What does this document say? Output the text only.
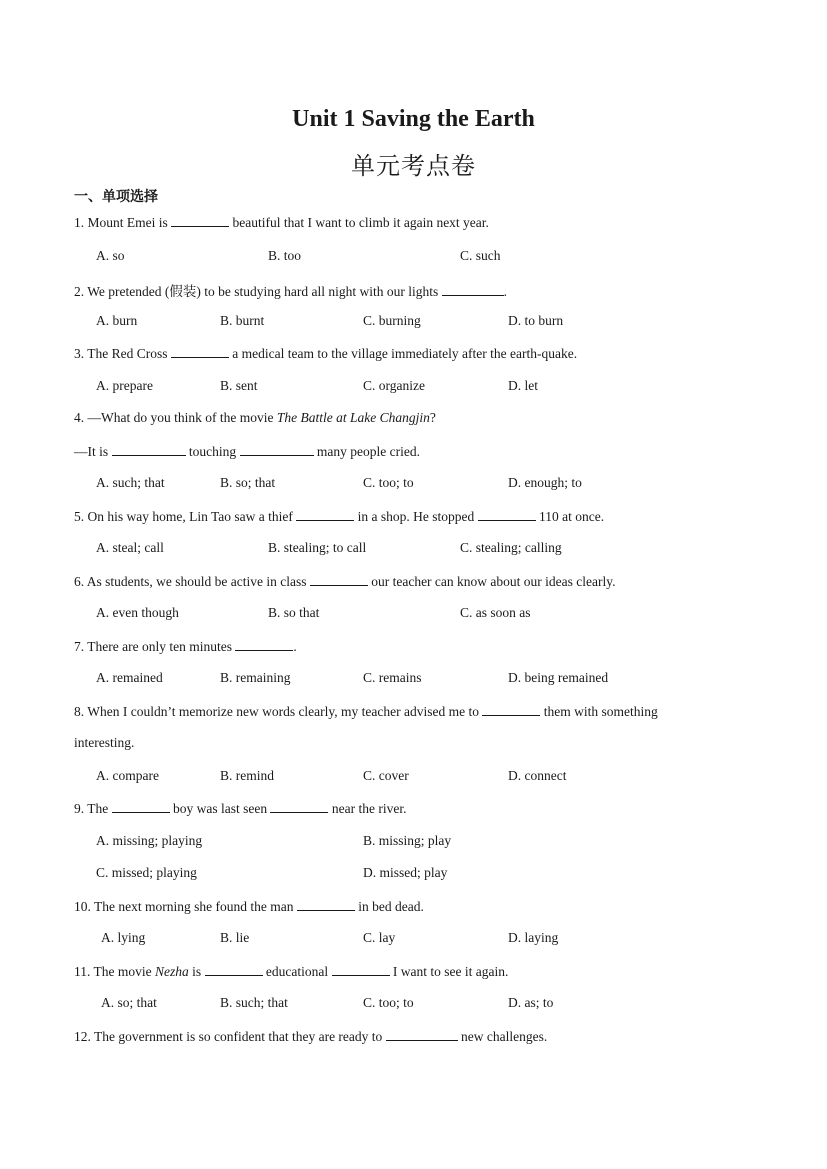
Unit 1 Saving the Earth
单元考点卷
一、单项选择
1. Mount Emei is	beautiful that I want to climb it again next year.
A. so	B. too	C. such
2. We pretended (假装) to be studying hard all night with our lights	.
A. burn	B. burnt	C. burning	D. to burn
3. The Red Cross	a medical team to the village immediately after the earth-quake.
A. prepare	B. sent	C. organize	D. let
4. —What do you think of the movie The Battle at Lake Changjin?
—It is	touching	many people cried.
A. such; that	B. so; that	C. too; to	D. enough; to
5. On his way home, Lin Tao saw a thief	in a shop. He stopped	110 at once.
A. steal; call	B. stealing; to call	C. stealing; calling
6. As students, we should be active in class	our teacher can know about our ideas clearly.
A. even though	B. so that	C. as soon as
7. There are only ten minutes	.
A. remained	B. remaining	C. remains	D. being remained
8. When I couldn’t memorize new words clearly, my teacher advised me to	them with something
interesting.
A. compare	B. remind	C. cover	D. connect
9. The	boy was last seen	near the river.
A. missing; playing	B. missing; play
C. missed; playing	D. missed; play
10. The next morning she found the man	in bed dead.
A. lying	B. lie	C. lay	D. laying
11. The movie Nezha is	educational	I want to see it again.
A. so; that	B. such; that	C. too; to	D. as; to
12. The government is so confident that they are ready to	new challenges.
